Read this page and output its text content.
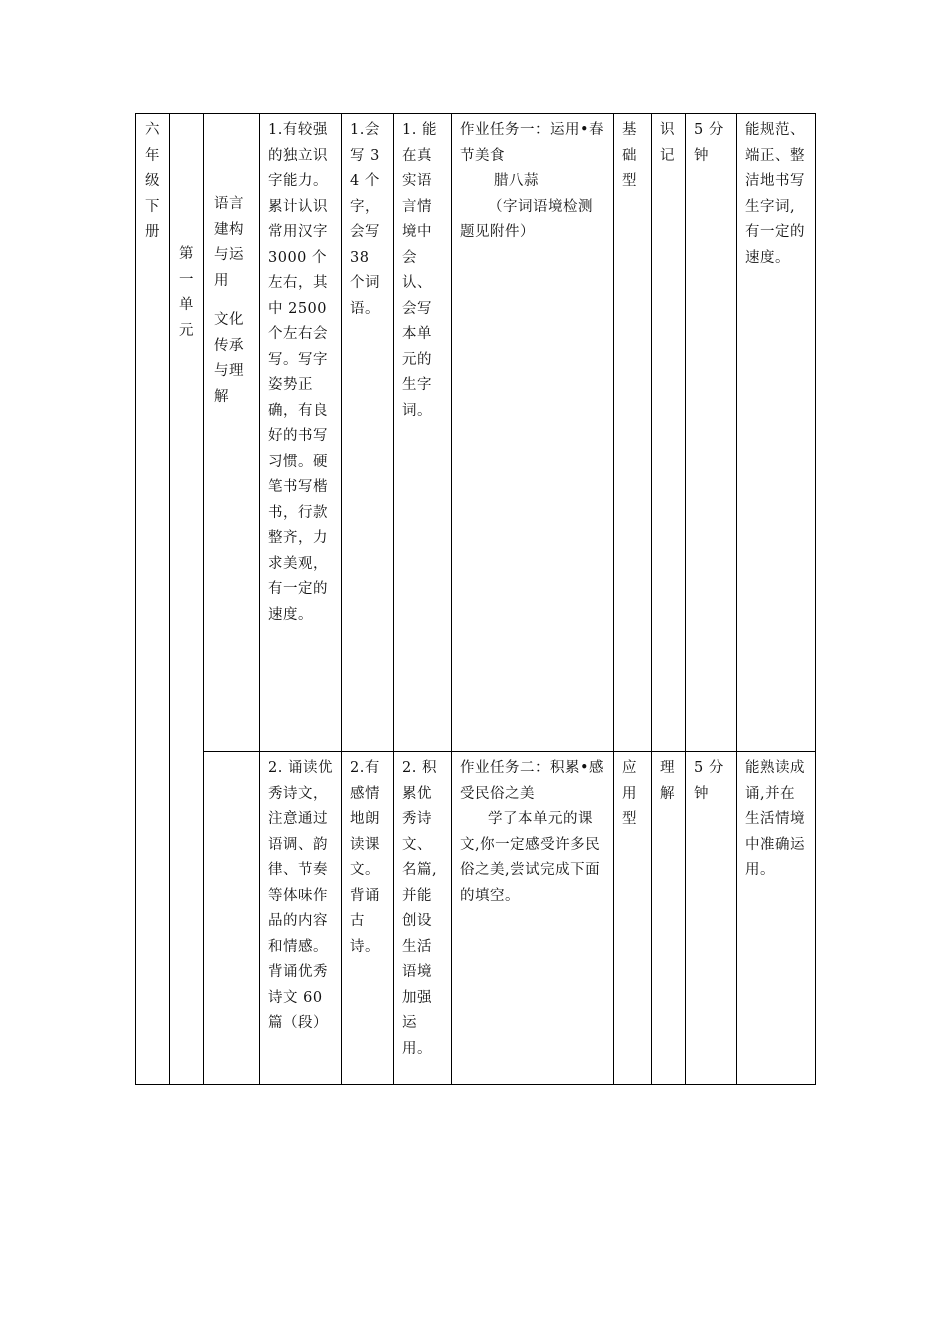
六年级下册	第一单元	语言建构与运用
文化传承与理解	1.有较强的独立识字能力。累计认识常用汉字 3000 个左右，其中 2500 个左右会写。写字姿势正确，有良好的书写习惯。硬笔书写楷书，行款整齐，力求美观，有一定的速度。	1.会写 34 个字，会写 38 个词语。	1. 能在真实语言情境中会认、会写本单元的生字词。	作业任务一：运用•春节美食
腊八蒜
（字词语境检测题见附件）	基础型	识记	5 分钟	能规范、端正、整洁地书写生字词,有一定的速度。
			2. 诵读优秀诗文，注意通过语调、韵律、节奏等体味作品的内容和情感。背诵优秀诗文 60 篇（段）	2.有感情地朗读课文。背诵古诗。	2. 积累优秀诗文、名篇,并能创设生活语境加强运用。	作业任务二：积累•感受民俗之美
学了本单元的课文,你一定感受许多民俗之美,尝试完成下面的填空。	应用型	理解	5 分钟	能熟读成诵,并在生活情境中准确运用。
